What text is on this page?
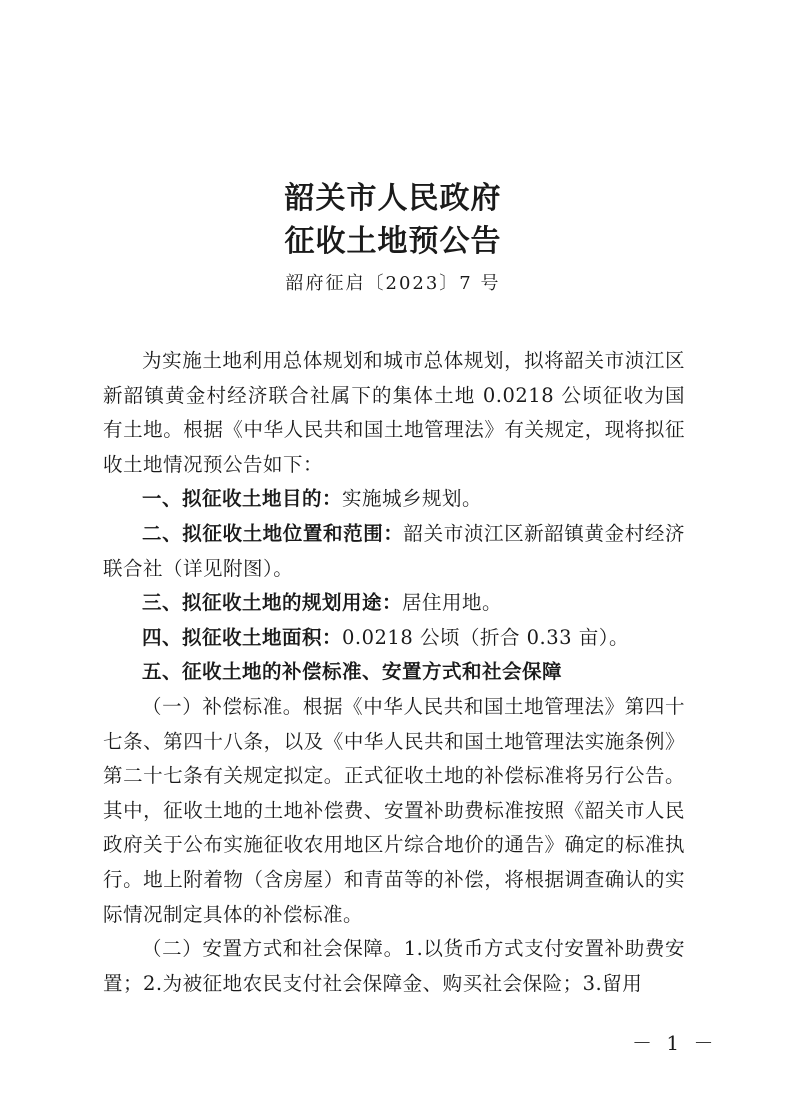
韶关市人民政府
征收土地预公告
韶府征启〔2023〕7 号

为实施土地利用总体规划和城市总体规划，拟将韶关市浈江区新韶镇黄金村经济联合社属下的集体土地 0.0218 公顷征收为国有土地。根据《中华人民共和国土地管理法》有关规定，现将拟征收土地情况预公告如下：

一、拟征收土地目的：实施城乡规划。

二、拟征收土地位置和范围：韶关市浈江区新韶镇黄金村经济联合社（详见附图）。

三、拟征收土地的规划用途：居住用地。

四、拟征收土地面积：0.0218 公顷（折合 0.33 亩）。

五、征收土地的补偿标准、安置方式和社会保障

（一）补偿标准。根据《中华人民共和国土地管理法》第四十七条、第四十八条，以及《中华人民共和国土地管理法实施条例》第二十七条有关规定拟定。正式征收土地的补偿标准将另行公告。其中，征收土地的土地补偿费、安置补助费标准按照《韶关市人民政府关于公布实施征收农用地区片综合地价的通告》确定的标准执行。地上附着物（含房屋）和青苗等的补偿，将根据调查确认的实际情况制定具体的补偿标准。

（二）安置方式和社会保障。1.以货币方式支付安置补助费安置；2.为被征地农民支付社会保障金、购买社会保险；3.留用

－ 1 －
